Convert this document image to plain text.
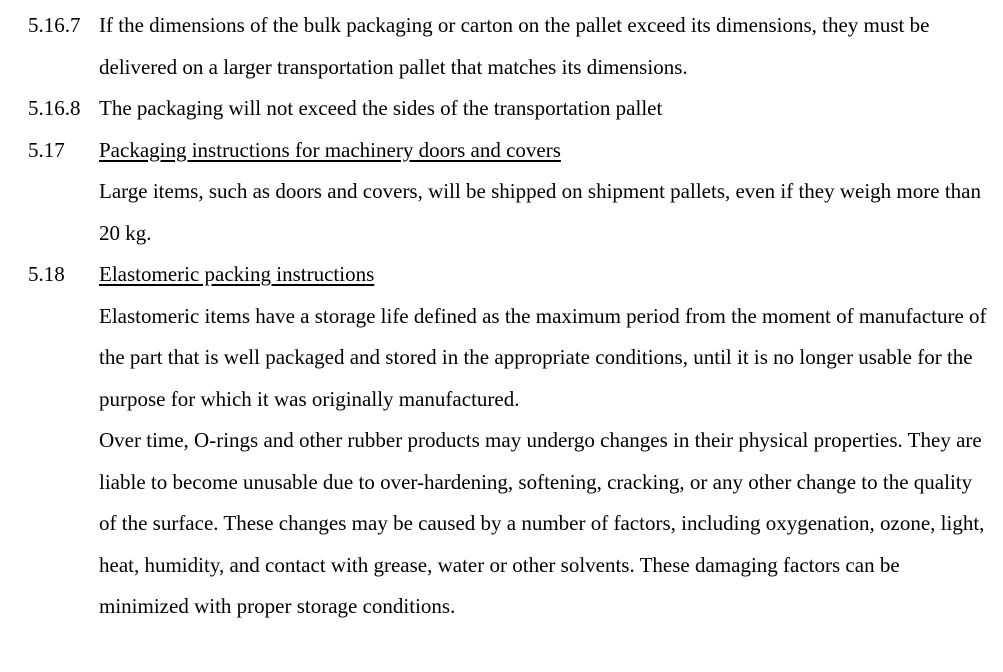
5.16.7 If the dimensions of the bulk packaging or carton on the pallet exceed its dimensions, they must be delivered on a larger transportation pallet that matches its dimensions.
5.16.8 The packaging will not exceed the sides of the transportation pallet
5.17 Packaging instructions for machinery doors and covers
Large items, such as doors and covers, will be shipped on shipment pallets, even if they weigh more than 20 kg.
5.18 Elastomeric packing instructions
Elastomeric items have a storage life defined as the maximum period from the moment of manufacture of the part that is well packaged and stored in the appropriate conditions, until it is no longer usable for the purpose for which it was originally manufactured.
Over time, O-rings and other rubber products may undergo changes in their physical properties. They are liable to become unusable due to over-hardening, softening, cracking, or any other change to the quality of the surface. These changes may be caused by a number of factors, including oxygenation, ozone, light, heat, humidity, and contact with grease, water or other solvents. These damaging factors can be minimized with proper storage conditions.
